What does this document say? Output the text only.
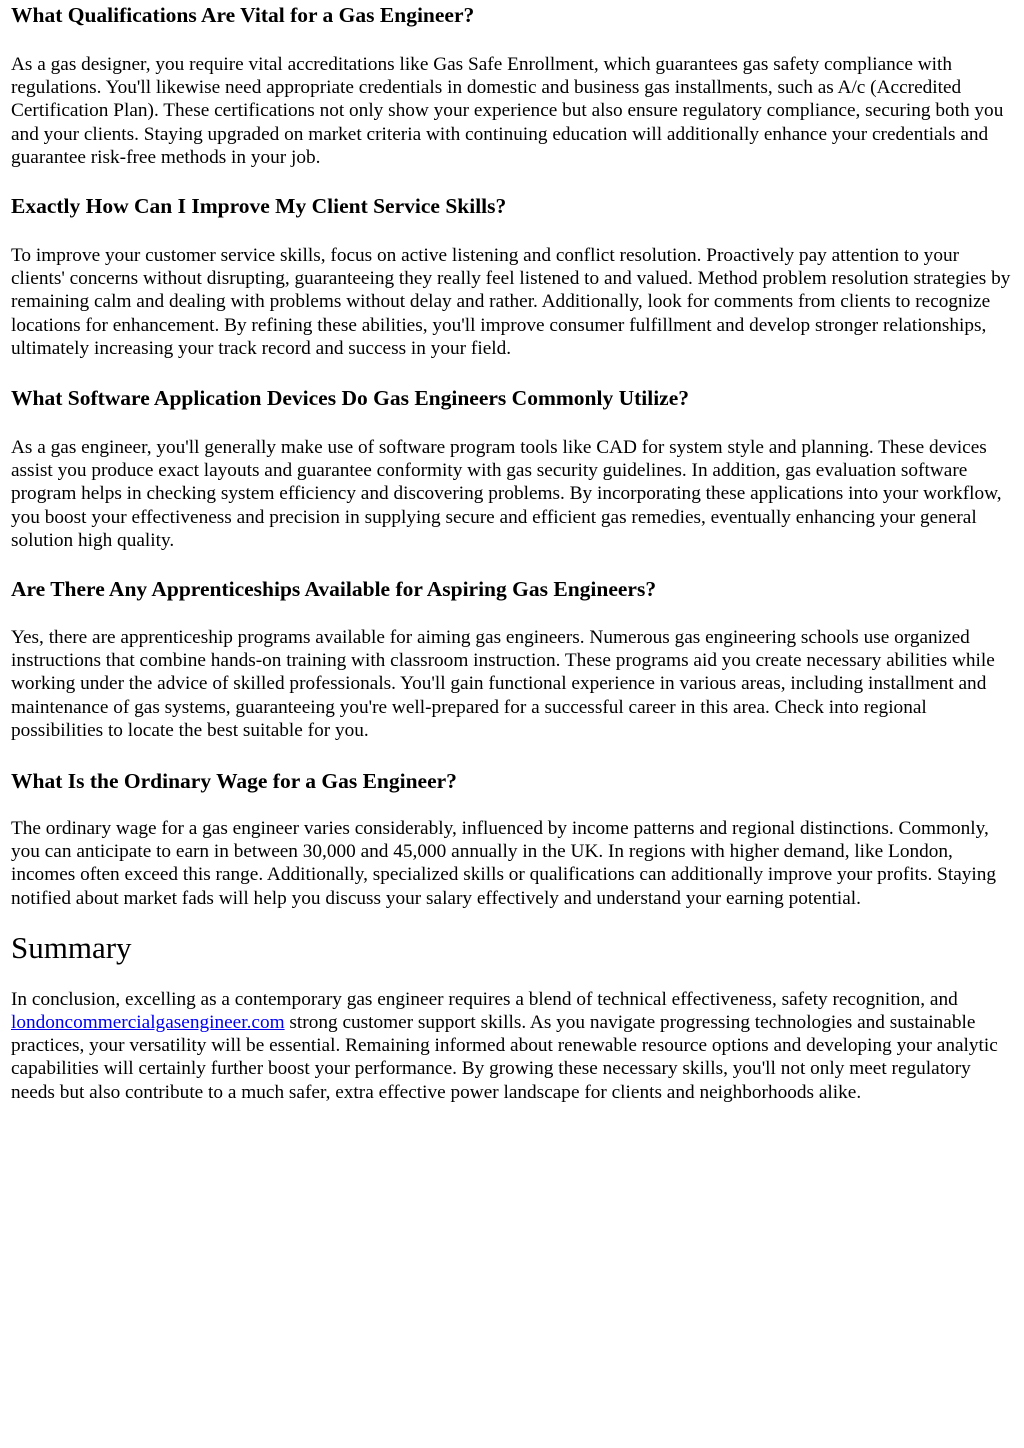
What Qualifications Are Vital for a Gas Engineer?

As a gas designer, you require vital accreditations like Gas Safe Enrollment, which guarantees gas safety compliance with regulations. You'll likewise need appropriate credentials in domestic and business gas installments, such as A/c (Accredited Certification Plan). These certifications not only show your experience but also ensure regulatory compliance, securing both you and your clients. Staying upgraded on market criteria with continuing education will additionally enhance your credentials and guarantee risk-free methods in your job.

Exactly How Can I Improve My Client Service Skills?

To improve your customer service skills, focus on active listening and conflict resolution. Proactively pay attention to your clients' concerns without disrupting, guaranteeing they really feel listened to and valued. Method problem resolution strategies by remaining calm and dealing with problems without delay and rather. Additionally, look for comments from clients to recognize locations for enhancement. By refining these abilities, you'll improve consumer fulfillment and develop stronger relationships, ultimately increasing your track record and success in your field.

What Software Application Devices Do Gas Engineers Commonly Utilize?

As a gas engineer, you'll generally make use of software program tools like CAD for system style and planning. These devices assist you produce exact layouts and guarantee conformity with gas security guidelines. In addition, gas evaluation software program helps in checking system efficiency and discovering problems. By incorporating these applications into your workflow, you boost your effectiveness and precision in supplying secure and efficient gas remedies, eventually enhancing your general solution high quality.

Are There Any Apprenticeships Available for Aspiring Gas Engineers?

Yes, there are apprenticeship programs available for aiming gas engineers. Numerous gas engineering schools use organized instructions that combine hands-on training with classroom instruction. These programs aid you create necessary abilities while working under the advice of skilled professionals. You'll gain functional experience in various areas, including installment and maintenance of gas systems, guaranteeing you're well-prepared for a successful career in this area. Check into regional possibilities to locate the best suitable for you.

What Is the Ordinary Wage for a Gas Engineer?

The ordinary wage for a gas engineer varies considerably, influenced by income patterns and regional distinctions. Commonly, you can anticipate to earn in between 30,000 and 45,000 annually in the UK. In regions with higher demand, like London, incomes often exceed this range. Additionally, specialized skills or qualifications can additionally improve your profits. Staying notified about market fads will help you discuss your salary effectively and understand your earning potential.

Summary

In conclusion, excelling as a contemporary gas engineer requires a blend of technical effectiveness, safety recognition, and londoncommercialgasengineer.com strong customer support skills. As you navigate progressing technologies and sustainable practices, your versatility will be essential. Remaining informed about renewable resource options and developing your analytic capabilities will certainly further boost your performance. By growing these necessary skills, you'll not only meet regulatory needs but also contribute to a much safer, extra effective power landscape for clients and neighborhoods alike.
